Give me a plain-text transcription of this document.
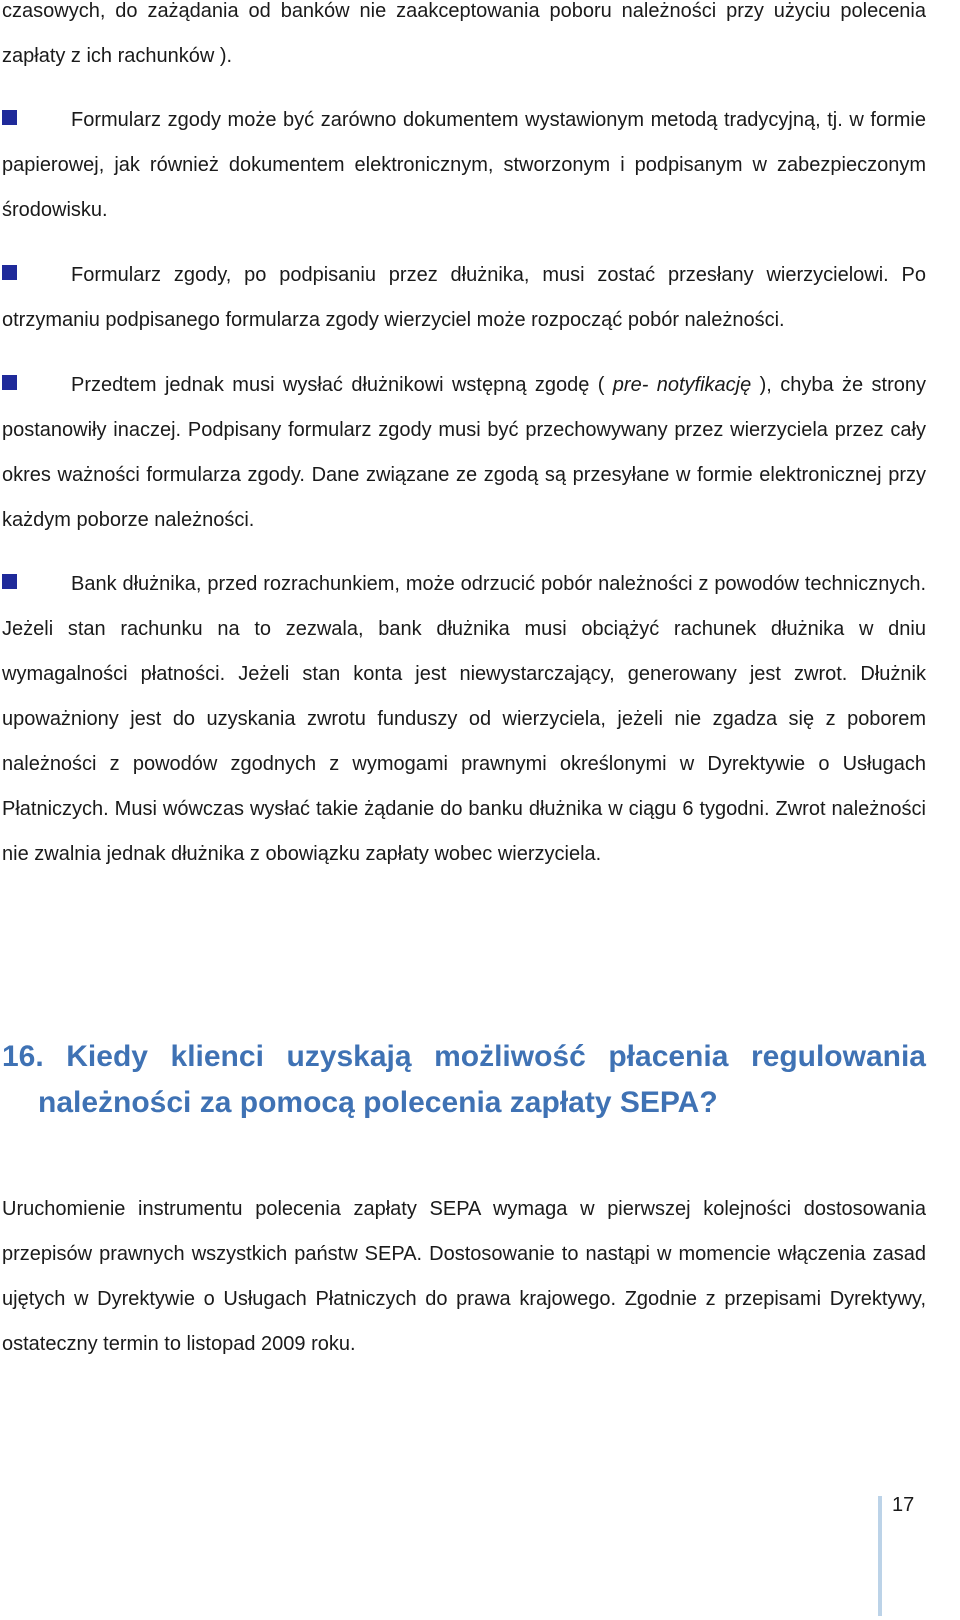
czasowych, do zażądania od banków nie zaakceptowania poboru należności przy użyciu polecenia zapłaty z ich rachunków ).

Formularz zgody może być zarówno dokumentem wystawionym metodą tradycyjną, tj. w formie papierowej, jak również dokumentem elektronicznym, stworzonym i podpisanym w zabezpieczonym środowisku.

Formularz zgody, po podpisaniu przez dłużnika, musi zostać przesłany wierzycielowi. Po otrzymaniu podpisanego formularza zgody wierzyciel może rozpocząć pobór należności.

Przedtem jednak musi wysłać dłużnikowi wstępną zgodę ( pre- notyfikację ), chyba że strony postanowiły inaczej. Podpisany formularz zgody musi być przechowywany przez wierzyciela przez cały okres ważności formularza zgody. Dane związane ze zgodą są przesyłane w formie elektronicznej przy każdym poborze należności.

Bank dłużnika, przed rozrachunkiem, może odrzucić pobór należności z powodów technicznych. Jeżeli stan rachunku na to zezwala, bank dłużnika musi obciążyć rachunek dłużnika w dniu wymagalności płatności. Jeżeli stan konta jest niewystarczający, generowany jest zwrot. Dłużnik upoważniony jest do uzyskania zwrotu funduszy od wierzyciela, jeżeli nie zgadza się z poborem należności z powodów zgodnych z wymogami prawnymi określonymi w Dyrektywie o Usługach Płatniczych. Musi wówczas wysłać takie żądanie do banku dłużnika w ciągu 6 tygodni. Zwrot należności nie zwalnia jednak dłużnika z obowiązku zapłaty wobec wierzyciela.

16. Kiedy klienci uzyskają możliwość płacenia regulowania
należności za pomocą polecenia zapłaty SEPA?

Uruchomienie instrumentu polecenia zapłaty SEPA wymaga w pierwszej kolejności dostosowania przepisów prawnych wszystkich państw SEPA. Dostosowanie to nastąpi w momencie włączenia zasad ujętych w Dyrektywie o Usługach Płatniczych do prawa krajowego. Zgodnie z przepisami Dyrektywy, ostateczny termin to listopad 2009 roku.

17
